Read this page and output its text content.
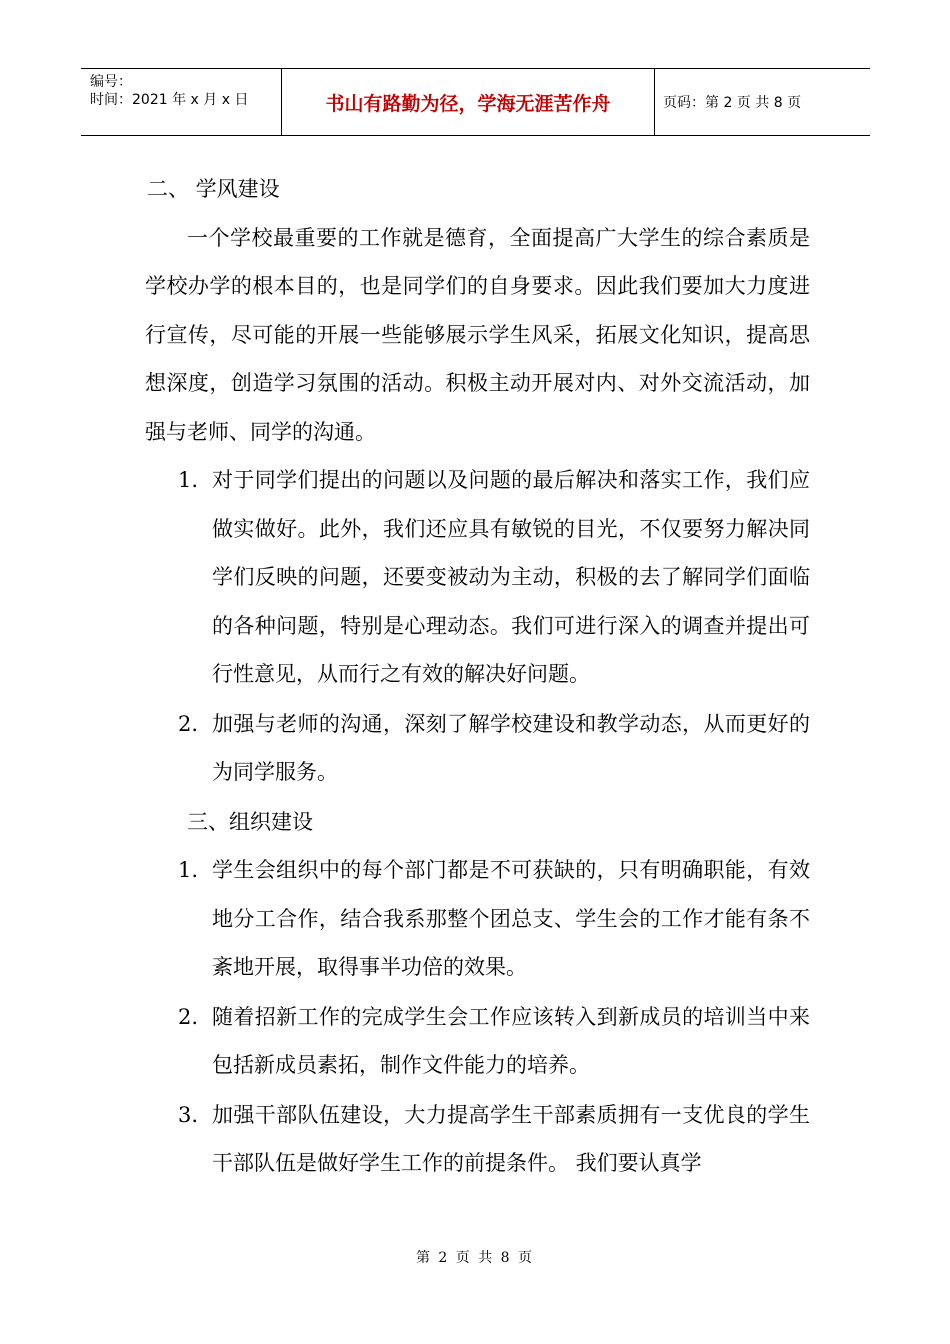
编号：
时间：2021 年 x 月 x 日	书山有路勤为径，学海无涯苦作舟	页码：第 2 页 共 8 页

二、 学风建设

一个学校最重要的工作就是德育，全面提高广大学生的综合素质是学校办学的根本目的，也是同学们的自身要求。因此我们要加大力度进行宣传，尽可能的开展一些能够展示学生风采，拓展文化知识，提高思想深度，创造学习氛围的活动。积极主动开展对内、对外交流活动，加强与老师、同学的沟通。

1. 对于同学们提出的问题以及问题的最后解决和落实工作，我们应做实做好。此外，我们还应具有敏锐的目光，不仅要努力解决同学们反映的问题，还要变被动为主动，积极的去了解同学们面临的各种问题，特别是心理动态。我们可进行深入的调查并提出可行性意见，从而行之有效的解决好问题。
2. 加强与老师的沟通，深刻了解学校建设和教学动态，从而更好的为同学服务。

三、组织建设

1. 学生会组织中的每个部门都是不可获缺的，只有明确职能，有效地分工合作，结合我系那整个团总支、学生会的工作才能有条不紊地开展，取得事半功倍的效果。
2. 随着招新工作的完成学生会工作应该转入到新成员的培训当中来包括新成员素拓，制作文件能力的培养。
3. 加强干部队伍建设，大力提高学生干部素质拥有一支优良的学生干部队伍是做好学生工作的前提条件。 我们要认真学
第 2 页 共 8 页
